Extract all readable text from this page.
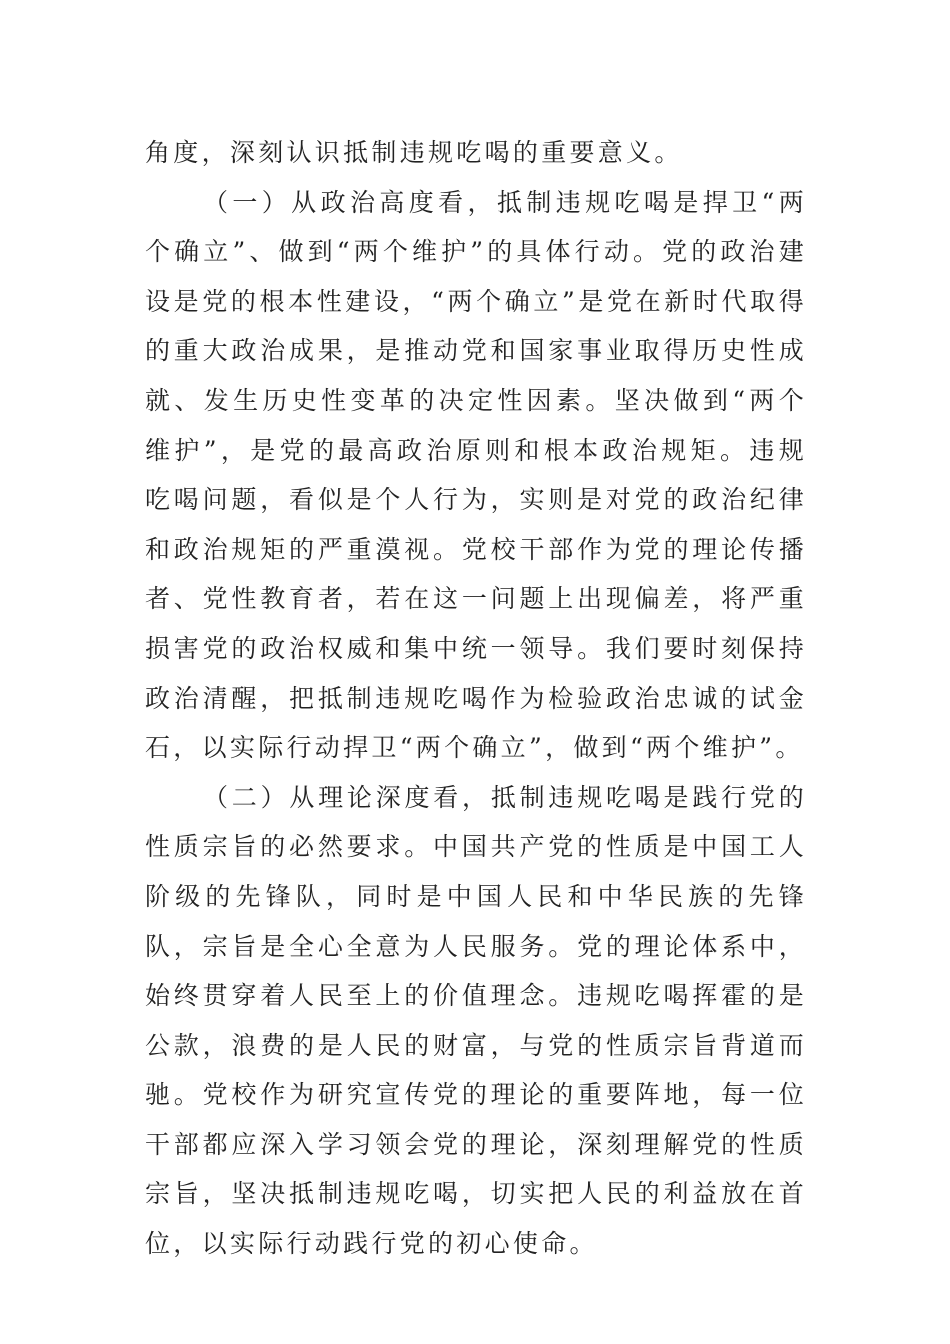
角度，深刻认识抵制违规吃喝的重要意义。

（一）从政治高度看，抵制违规吃喝是捍卫“两个确立”、做到“两个维护”的具体行动。党的政治建设是党的根本性建设，“两个确立”是党在新时代取得的重大政治成果，是推动党和国家事业取得历史性成就、发生历史性变革的决定性因素。坚决做到“两个维护”，是党的最高政治原则和根本政治规矩。违规吃喝问题，看似是个人行为，实则是对党的政治纪律和政治规矩的严重漠视。党校干部作为党的理论传播者、党性教育者，若在这一问题上出现偏差，将严重损害党的政治权威和集中统一领导。我们要时刻保持政治清醒，把抵制违规吃喝作为检验政治忠诚的试金石，以实际行动捍卫“两个确立”，做到“两个维护”。

（二）从理论深度看，抵制违规吃喝是践行党的性质宗旨的必然要求。中国共产党的性质是中国工人阶级的先锋队，同时是中国人民和中华民族的先锋队，宗旨是全心全意为人民服务。党的理论体系中，始终贯穿着人民至上的价值理念。违规吃喝挥霍的是公款，浪费的是人民的财富，与党的性质宗旨背道而驰。党校作为研究宣传党的理论的重要阵地，每一位干部都应深入学习领会党的理论，深刻理解党的性质宗旨，坚决抵制违规吃喝，切实把人民的利益放在首位，以实际行动践行党的初心使命。
